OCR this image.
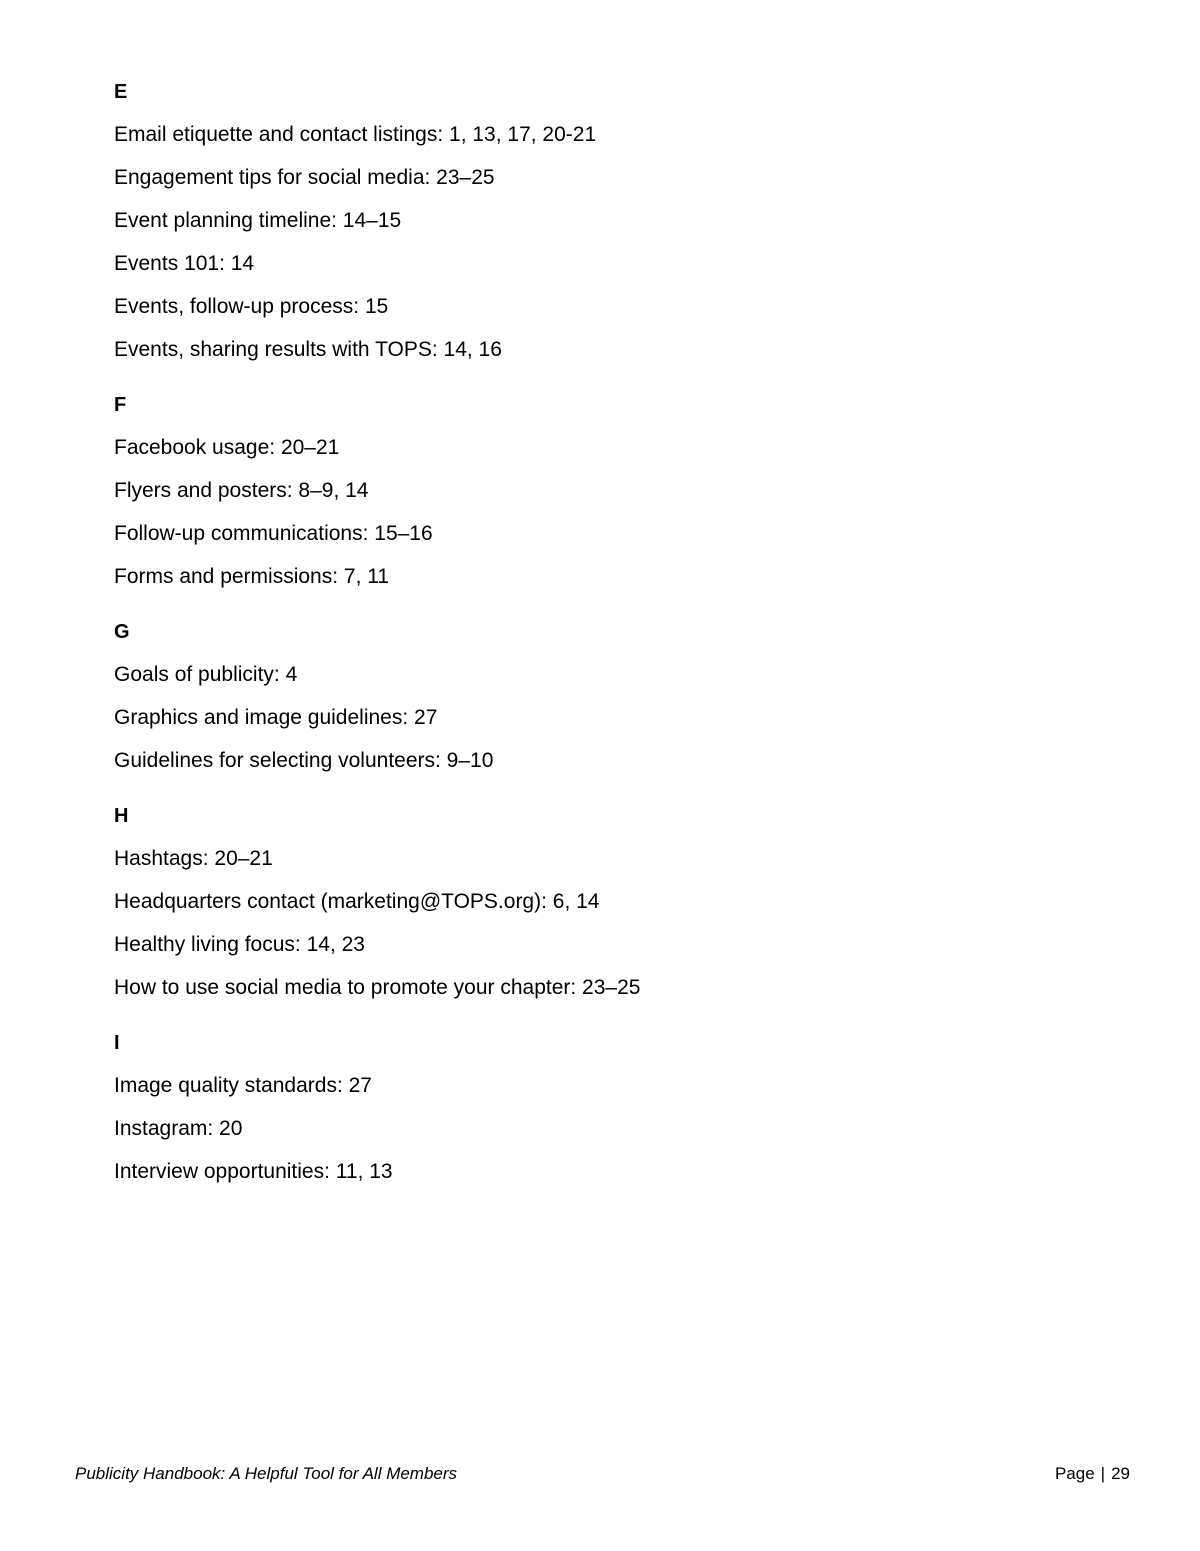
E
Email etiquette and contact listings: 1, 13, 17, 20-21
Engagement tips for social media: 23–25
Event planning timeline: 14–15
Events 101: 14
Events, follow-up process: 15
Events, sharing results with TOPS: 14, 16
F
Facebook usage: 20–21
Flyers and posters: 8–9, 14
Follow-up communications: 15–16
Forms and permissions: 7, 11
G
Goals of publicity: 4
Graphics and image guidelines: 27
Guidelines for selecting volunteers: 9–10
H
Hashtags: 20–21
Headquarters contact (marketing@TOPS.org): 6, 14
Healthy living focus: 14, 23
How to use social media to promote your chapter: 23–25
I
Image quality standards: 27
Instagram: 20
Interview opportunities: 11, 13
Publicity Handbook: A Helpful Tool for All Members	Page | 29
